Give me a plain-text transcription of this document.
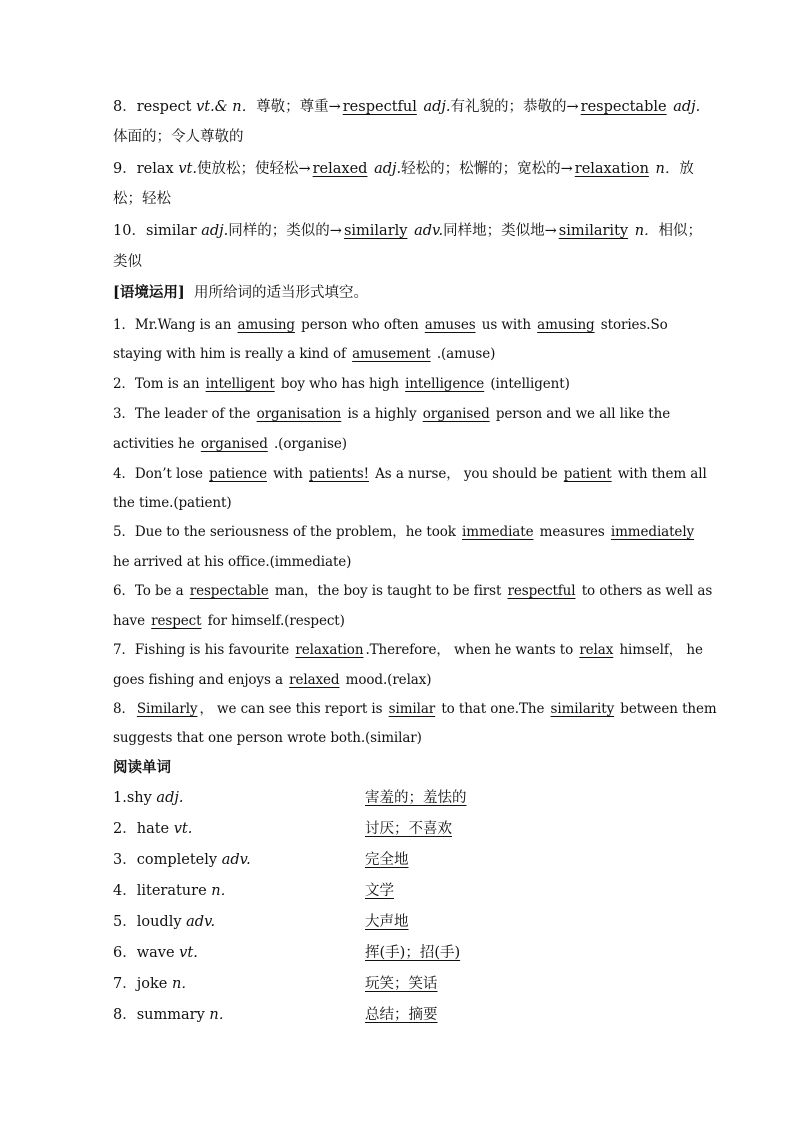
8．respect vt.& n．尊敬；尊重→ respectful adj.有礼貌的；恭敬的→ respectable adj.
体面的；令人尊敬的
9．relax vt.使放松；使轻松→ relaxed adj.轻松的；松懈的；宽松的→ relaxation n．放
松；轻松
10．similar adj.同样的；类似的→ similarly adv.同样地；类似地→ similarity n．相似；
类似
[语境运用] 用所给词的适当形式填空。
1．Mr.Wang is an amusing person who often amuses us with amusing stories.So
staying with him is really a kind of amusement .(amuse)
2．Tom is an intelligent boy who has high intelligence (intelligent)
3．The leader of the organisation is a highly organised person and we all like the
activities he organised .(organise)
4．Don’t lose patience with patients! As a nurse， you should be patient with them all
the time.(patient)
5．Due to the seriousness of the problem，he took immediate measures immediately
he arrived at his office.(immediate)
6．To be a respectable man，the boy is taught to be first respectful to others as well as
have respect for himself.(respect)
7．Fishing is his favourite relaxation .Therefore， when he wants to relax himself， he
goes fishing and enjoys a relaxed mood.(relax)
8． Similarly ， we can see this report is similar to that one.The similarity between them
suggests that one person wrote both.(similar)
阅读单词
1.shy adj.	害羞的；羞怯的
2．hate vt.	讨厌；不喜欢
3．completely adv.	完全地
4．literature n．	文学
5．loudly adv.	大声地
6．wave vt.	挥(手)；招(手)
7．joke n．	玩笑；笑话
8．summary n．	总结；摘要
